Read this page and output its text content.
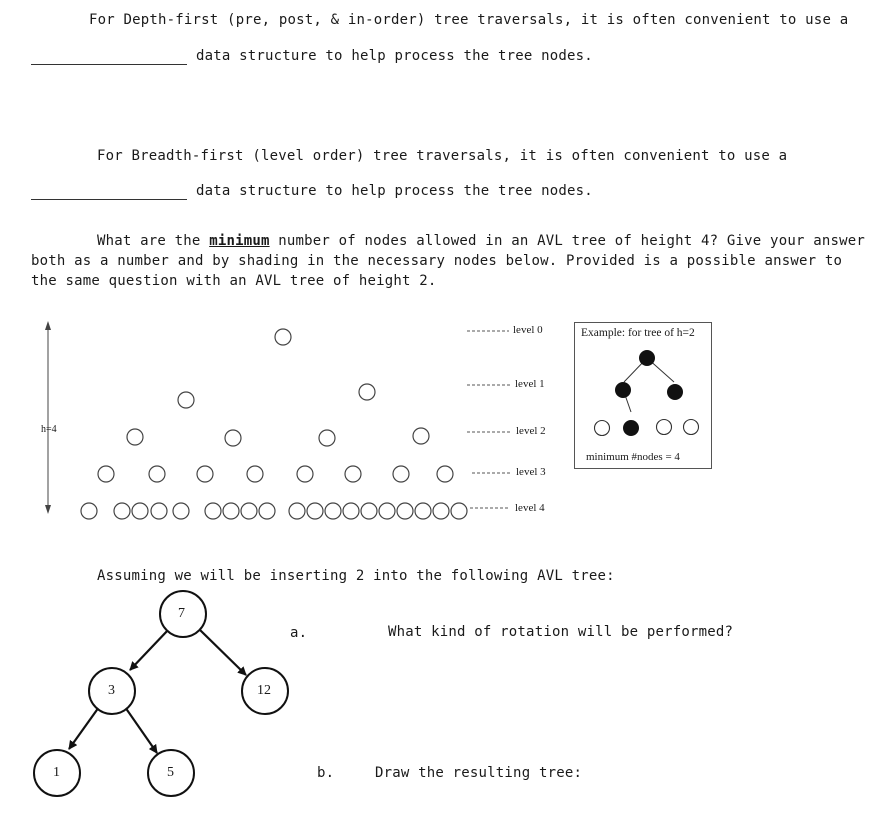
For Depth-first (pre, post, & in-order) tree traversals, it is often convenient to use a
data structure to help process the tree nodes.
For Breadth-first (level order) tree traversals, it is often convenient to use a
data structure to help process the tree nodes.
What are the minimum number of nodes allowed in an AVL tree of height 4? Give your answer
both as a number and by shading in the necessary nodes below. Provided is a possible answer to
the same question with an AVL tree of height 2.
h=4
level 0
level 1
level 2
level 3
level 4
Example: for tree of h=2
minimum #nodes = 4
Assuming we will be inserting 2 into the following AVL tree:
7
3	12
1	5
a.	What kind of rotation will be performed?
b.	Draw the resulting tree:
